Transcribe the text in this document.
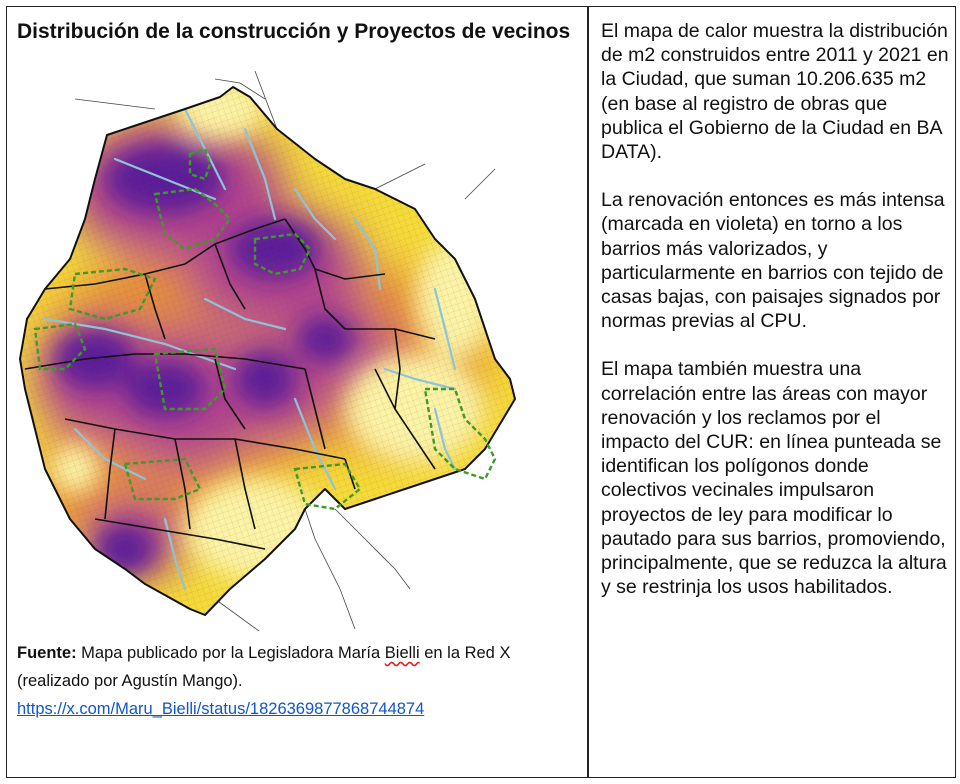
Distribución de la construcción y Proyectos de vecinos
Fuente: Mapa publicado por la Legisladora María Bielli en la Red X (realizado por Agustín Mango).
https://x.com/Maru_Bielli/status/1826369877868744874

El mapa de calor muestra la distribución de m2 construidos entre 2011 y 2021 en la Ciudad, que suman 10.206.635 m2 (en base al registro de obras que publica el Gobierno de la Ciudad en BA DATA).

La renovación entonces es más intensa (marcada en violeta) en torno a los barrios más valorizados, y particularmente en barrios con tejido de casas bajas, con paisajes signados por normas previas al CPU.

El mapa también muestra una correlación entre las áreas con mayor renovación y los reclamos por el impacto del CUR: en línea punteada se identifican los polígonos donde colectivos vecinales impulsaron proyectos de ley para modificar lo pautado para sus barrios, promoviendo, principalmente, que se reduzca la altura y se restrinja los usos habilitados.
